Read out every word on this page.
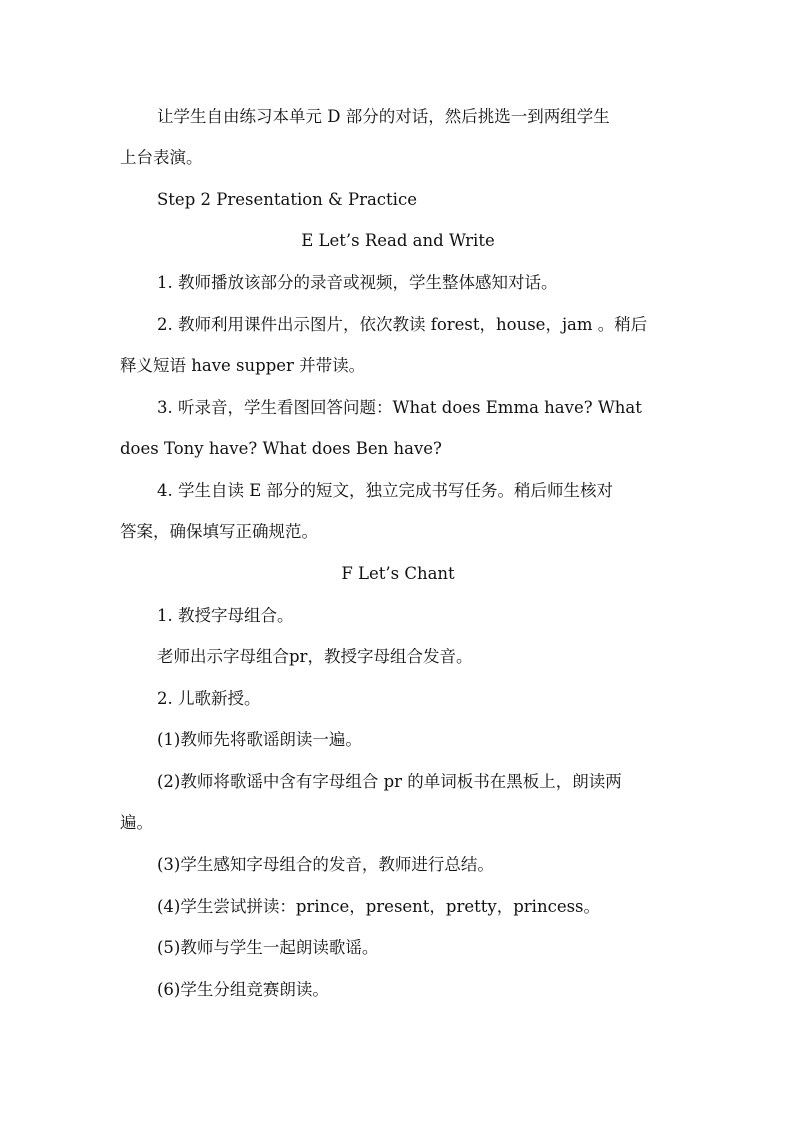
让学生自由练习本单元 D 部分的对话，然后挑选一到两组学生
上台表演。
Step 2 Presentation & Practice
E Let’s Read and Write
1. 教师播放该部分的录音或视频，学生整体感知对话。
2. 教师利用课件出示图片，依次教读 forest，house，jam 。稍后
释义短语 have supper 并带读。
3. 听录音，学生看图回答问题：What does Emma have? What
does Tony have? What does Ben have?
4. 学生自读 E 部分的短文，独立完成书写任务。稍后师生核对
答案，确保填写正确规范。
F Let’s Chant
1. 教授字母组合。
老师出示字母组合pr，教授字母组合发音。
2. 儿歌新授。
(1)教师先将歌谣朗读一遍。
(2)教师将歌谣中含有字母组合 pr 的单词板书在黑板上，朗读两
遍。
(3)学生感知字母组合的发音，教师进行总结。
(4)学生尝试拼读：prince，present，pretty，princess。
(5)教师与学生一起朗读歌谣。
(6)学生分组竞赛朗读。
